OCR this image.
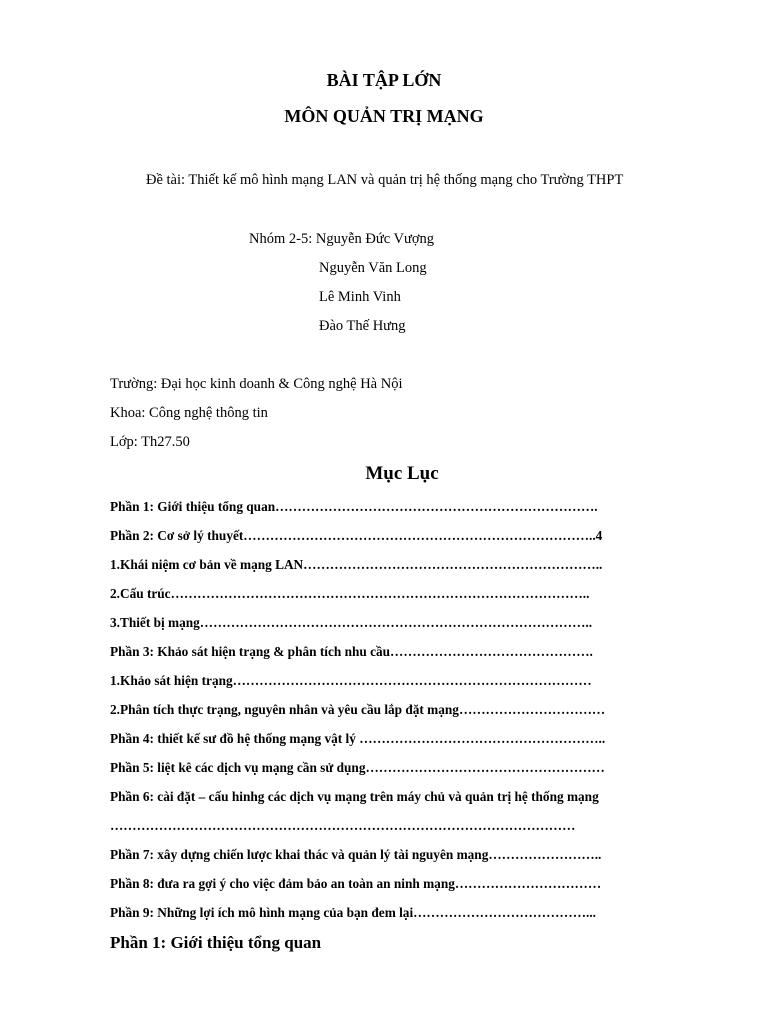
BÀI TẬP LỚN
MÔN QUẢN TRỊ MẠNG
Đề tài: Thiết kế mô hình mạng LAN và quản trị hệ thống mạng cho Trường THPT
Nhóm 2-5: Nguyễn Đức Vượng
Nguyễn Văn Long
Lê Minh Vinh
Đào Thế Hưng
Trường: Đại học kinh doanh & Công nghệ Hà Nội
Khoa: Công nghệ thông tin
Lớp: Th27.50
Mục Lục
Phần 1: Giới thiệu tổng quan……………………………………………………………….
Phần 2: Cơ sở lý thuyết……………………………………………………………………..4
1.Khái niệm cơ bản về mạng LAN…………………………………………………………..
2.Cấu trúc…………………………………………………………………………………..
3.Thiết bị mạng……………………………………………………………………………..
Phần 3: Khảo sát hiện trạng & phân tích nhu cầu……………………………………….
1.Khảo sát hiện trạng………………………………………………………………………
2.Phân tích thực trạng, nguyên nhân và yêu cầu lắp đặt mạng……………………………
Phần 4: thiết kế sư đồ hệ thống mạng vật lý ………………………………………………..
Phần 5: liệt kê các dịch vụ mạng cần sử dụng………………………………………………
Phần 6: cài đặt – cấu hinhg các dịch vụ mạng trên máy chủ và quản trị hệ thống mạng
……………………………………………………………………………………………
Phần 7: xây dựng chiến lược khai thác và quản lý tài nguyên mạng……………………..
Phần 8: đưa ra gợi ý cho việc đảm bảo an toàn an ninh mạng……………………………
Phần 9: Những lợi ích mô hình mạng của bạn đem lại…………………………………...
Phần 1: Giới thiệu tổng quan
